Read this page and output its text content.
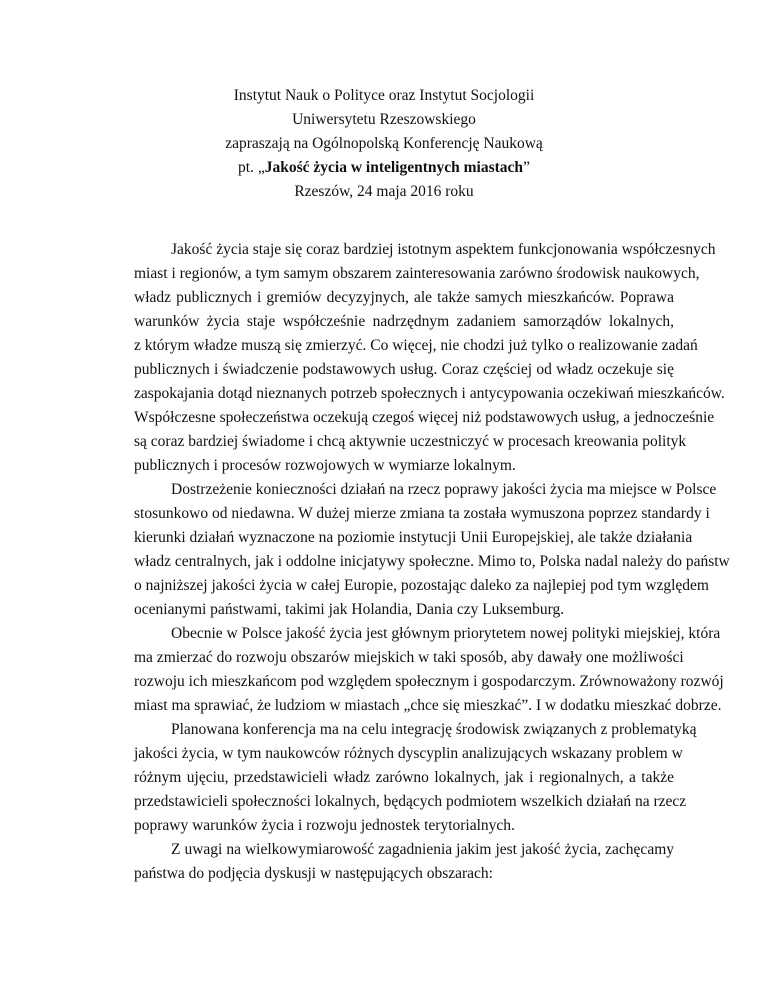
Instytut Nauk o Polityce oraz Instytut Socjologii
Uniwersytetu Rzeszowskiego
zapraszają na Ogólnopolską Konferencję Naukową
pt. „Jakość życia w inteligentnych miastach”
Rzeszów, 24 maja 2016 roku

Jakość życia staje się coraz bardziej istotnym aspektem funkcjonowania współczesnych
miast i regionów, a tym samym obszarem zainteresowania zarówno środowisk naukowych,
władz publicznych i gremiów decyzyjnych, ale także samych mieszkańców. Poprawa
warunków życia staje współcześnie nadrzędnym zadaniem samorządów lokalnych,
z którym władze muszą się zmierzyć. Co więcej, nie chodzi już tylko o realizowanie zadań
publicznych i świadczenie podstawowych usług. Coraz częściej od władz oczekuje się
zaspokajania dotąd nieznanych potrzeb społecznych i antycypowania oczekiwań mieszkańców.
Współczesne społeczeństwa oczekują czegoś więcej niż podstawowych usług, a jednocześnie
są coraz bardziej świadome i chcą aktywnie uczestniczyć w procesach kreowania polityk
publicznych i procesów rozwojowych w wymiarze lokalnym.

Dostrzeżenie konieczności działań na rzecz poprawy jakości życia ma miejsce w Polsce
stosunkowo od niedawna. W dużej mierze zmiana ta została wymuszona poprzez standardy i
kierunki działań wyznaczone na poziomie instytucji Unii Europejskiej, ale także działania
władz centralnych, jak i oddolne inicjatywy społeczne. Mimo to, Polska nadal należy do państw
o najniższej jakości życia w całej Europie, pozostając daleko za najlepiej pod tym względem
ocenianymi państwami, takimi jak Holandia, Dania czy Luksemburg.

Obecnie w Polsce jakość życia jest głównym priorytetem nowej polityki miejskiej, która
ma zmierzać do rozwoju obszarów miejskich w taki sposób, aby dawały one możliwości
rozwoju ich mieszkańcom pod względem społecznym i gospodarczym. Zrównoważony rozwój
miast ma sprawiać, że ludziom w miastach „chce się mieszkać”. I w dodatku mieszkać dobrze.

Planowana konferencja ma na celu integrację środowisk związanych z problematyką
jakości życia, w tym naukowców różnych dyscyplin analizujących wskazany problem w
różnym ujęciu, przedstawicieli władz zarówno lokalnych, jak i regionalnych, a także
przedstawicieli społeczności lokalnych, będących podmiotem wszelkich działań na rzecz
poprawy warunków życia i rozwoju jednostek terytorialnych.

Z uwagi na wielkowymiarowość zagadnienia jakim jest jakość życia, zachęcamy
państwa do podjęcia dyskusji w następujących obszarach:
